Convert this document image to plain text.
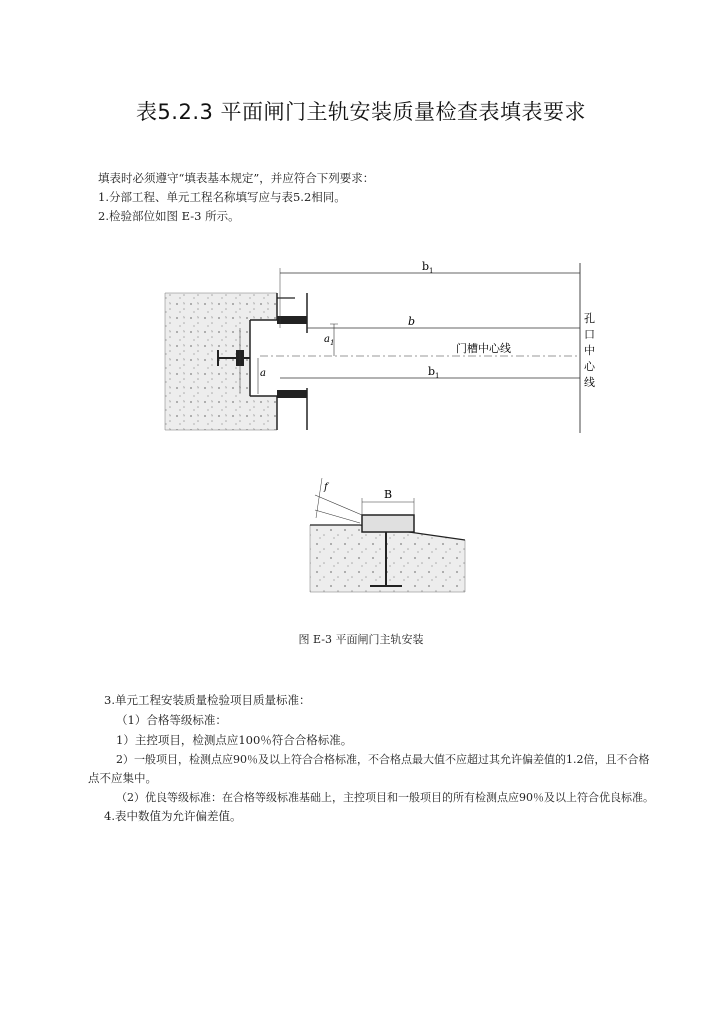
表5.2.3 平面闸门主轨安装质量检查表填表要求
填表时必须遵守“填表基本规定”，并应符合下列要求：
1.分部工程、单元工程名称填写应与表5.2相同。
2.检验部位如图 E-3 所示。
$b_1$
b
$a_1$
a
门槽中心线
$b_1$
孔
口
中
心
线
B
f
图 E-3 平面闸门主轨安装
3.单元工程安装质量检验项目质量标准：
（1）合格等级标准：
1）主控项目，检测点应100％符合合格标准。
2）一般项目，检测点应90％及以上符合合格标准，不合格点最大值不应超过其允许偏差值的1.2倍，且不合格
点不应集中。
（2）优良等级标准：在合格等级标准基础上，主控项目和一般项目的所有检测点应90％及以上符合优良标准。
4.表中数值为允许偏差值。
